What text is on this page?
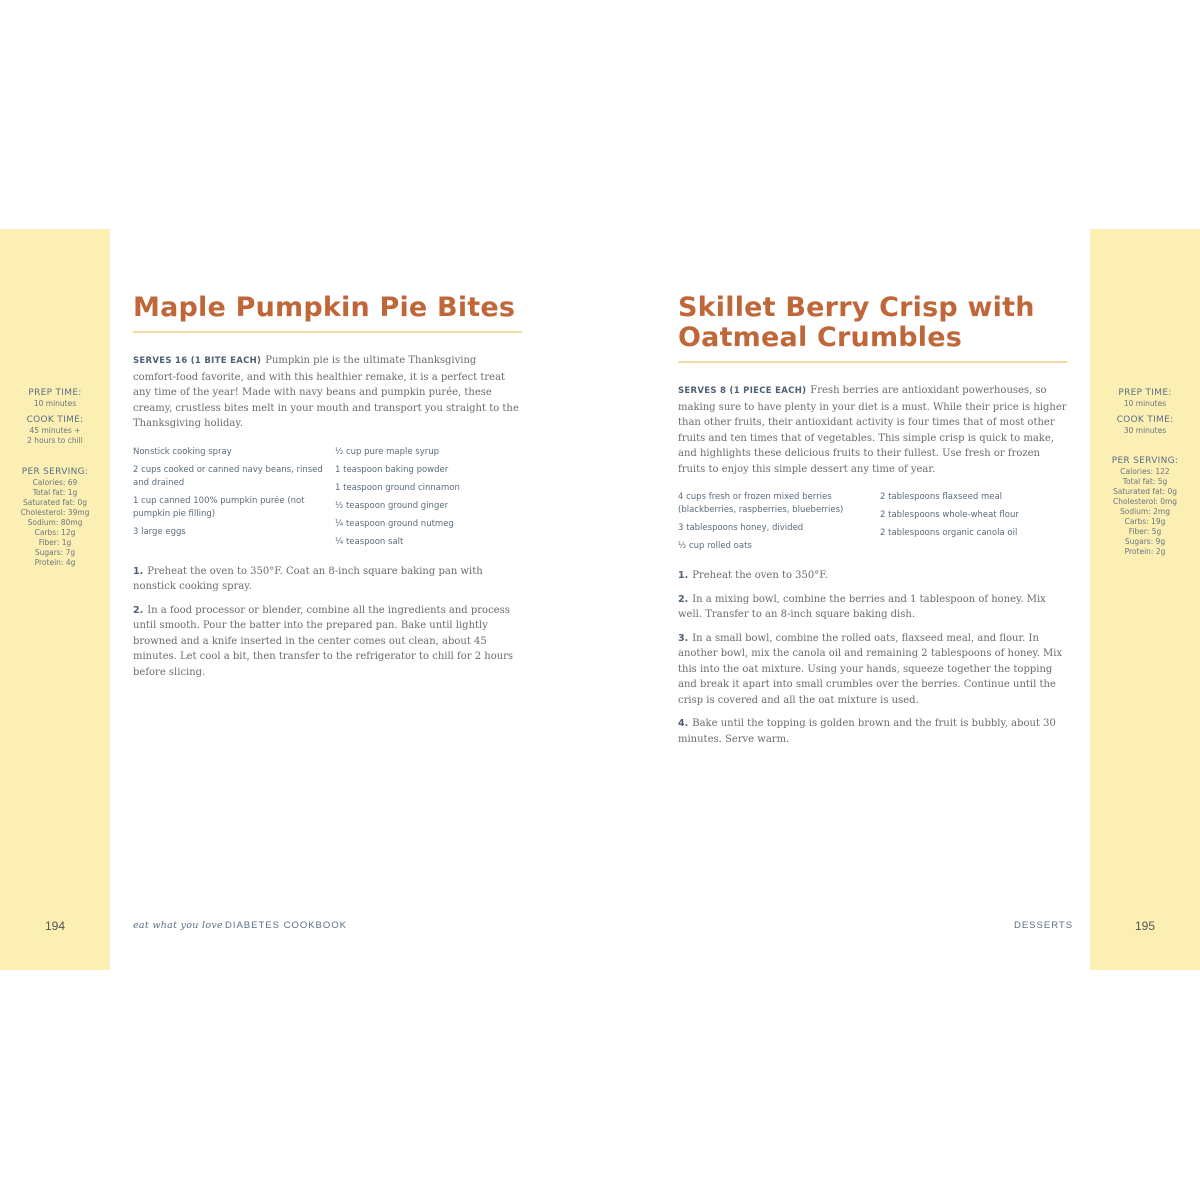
PREP TIME:
10 minutes
COOK TIME:
45 minutes +
2 hours to chill
PER SERVING:
Calories: 69
Total fat: 1g
Saturated fat: 0g
Cholesterol: 39mg
Sodium: 80mg
Carbs: 12g
Fiber: 1g
Sugars: 7g
Protein: 4g
194
Maple Pumpkin Pie Bites

SERVES 16 (1 BITE EACH) Pumpkin pie is the ultimate Thanksgiving comfort-food favorite, and with this healthier remake, it is a perfect treat any time of the year! Made with navy beans and pumpkin purée, these creamy, crustless bites melt in your mouth and transport you straight to the Thanksgiving holiday.

Nonstick cooking spray
2 cups cooked or canned navy beans, rinsed and drained
1 cup canned 100% pumpkin purée (not pumpkin pie filling)
3 large eggs
½ cup pure maple syrup
1 teaspoon baking powder
1 teaspoon ground cinnamon
½ teaspoon ground ginger
¼ teaspoon ground nutmeg
¼ teaspoon salt

1. Preheat the oven to 350°F. Coat an 8-inch square baking pan with nonstick cooking spray.

2. In a food processor or blender, combine all the ingredients and process until smooth. Pour the batter into the prepared pan. Bake until lightly browned and a knife inserted in the center comes out clean, about 45 minutes. Let cool a bit, then transfer to the refrigerator to chill for 2 hours before slicing.

eat what you love DIABETES COOKBOOK
Skillet Berry Crisp with
Oatmeal Crumbles

SERVES 8 (1 PIECE EACH) Fresh berries are antioxidant powerhouses, so making sure to have plenty in your diet is a must. While their price is higher than other fruits, their antioxidant activity is four times that of most other fruits and ten times that of vegetables. This simple crisp is quick to make, and highlights these delicious fruits to their fullest. Use fresh or frozen fruits to enjoy this simple dessert any time of year.

4 cups fresh or frozen mixed berries (blackberries, raspberries, blueberries)
3 tablespoons honey, divided
½ cup rolled oats
2 tablespoons flaxseed meal
2 tablespoons whole-wheat flour
2 tablespoons organic canola oil

1. Preheat the oven to 350°F.

2. In a mixing bowl, combine the berries and 1 tablespoon of honey. Mix well. Transfer to an 8-inch square baking dish.

3. In a small bowl, combine the rolled oats, flaxseed meal, and flour. In another bowl, mix the canola oil and remaining 2 tablespoons of honey. Mix this into the oat mixture. Using your hands, squeeze together the topping and break it apart into small crumbles over the berries. Continue until the crisp is covered and all the oat mixture is used.

4. Bake until the topping is golden brown and the fruit is bubbly, about 30 minutes. Serve warm.

DESSERTS
PREP TIME:
10 minutes
COOK TIME:
30 minutes
PER SERVING:
Calories: 122
Total fat: 5g
Saturated fat: 0g
Cholesterol: 0mg
Sodium: 2mg
Carbs: 19g
Fiber: 5g
Sugars: 9g
Protein: 2g
195
